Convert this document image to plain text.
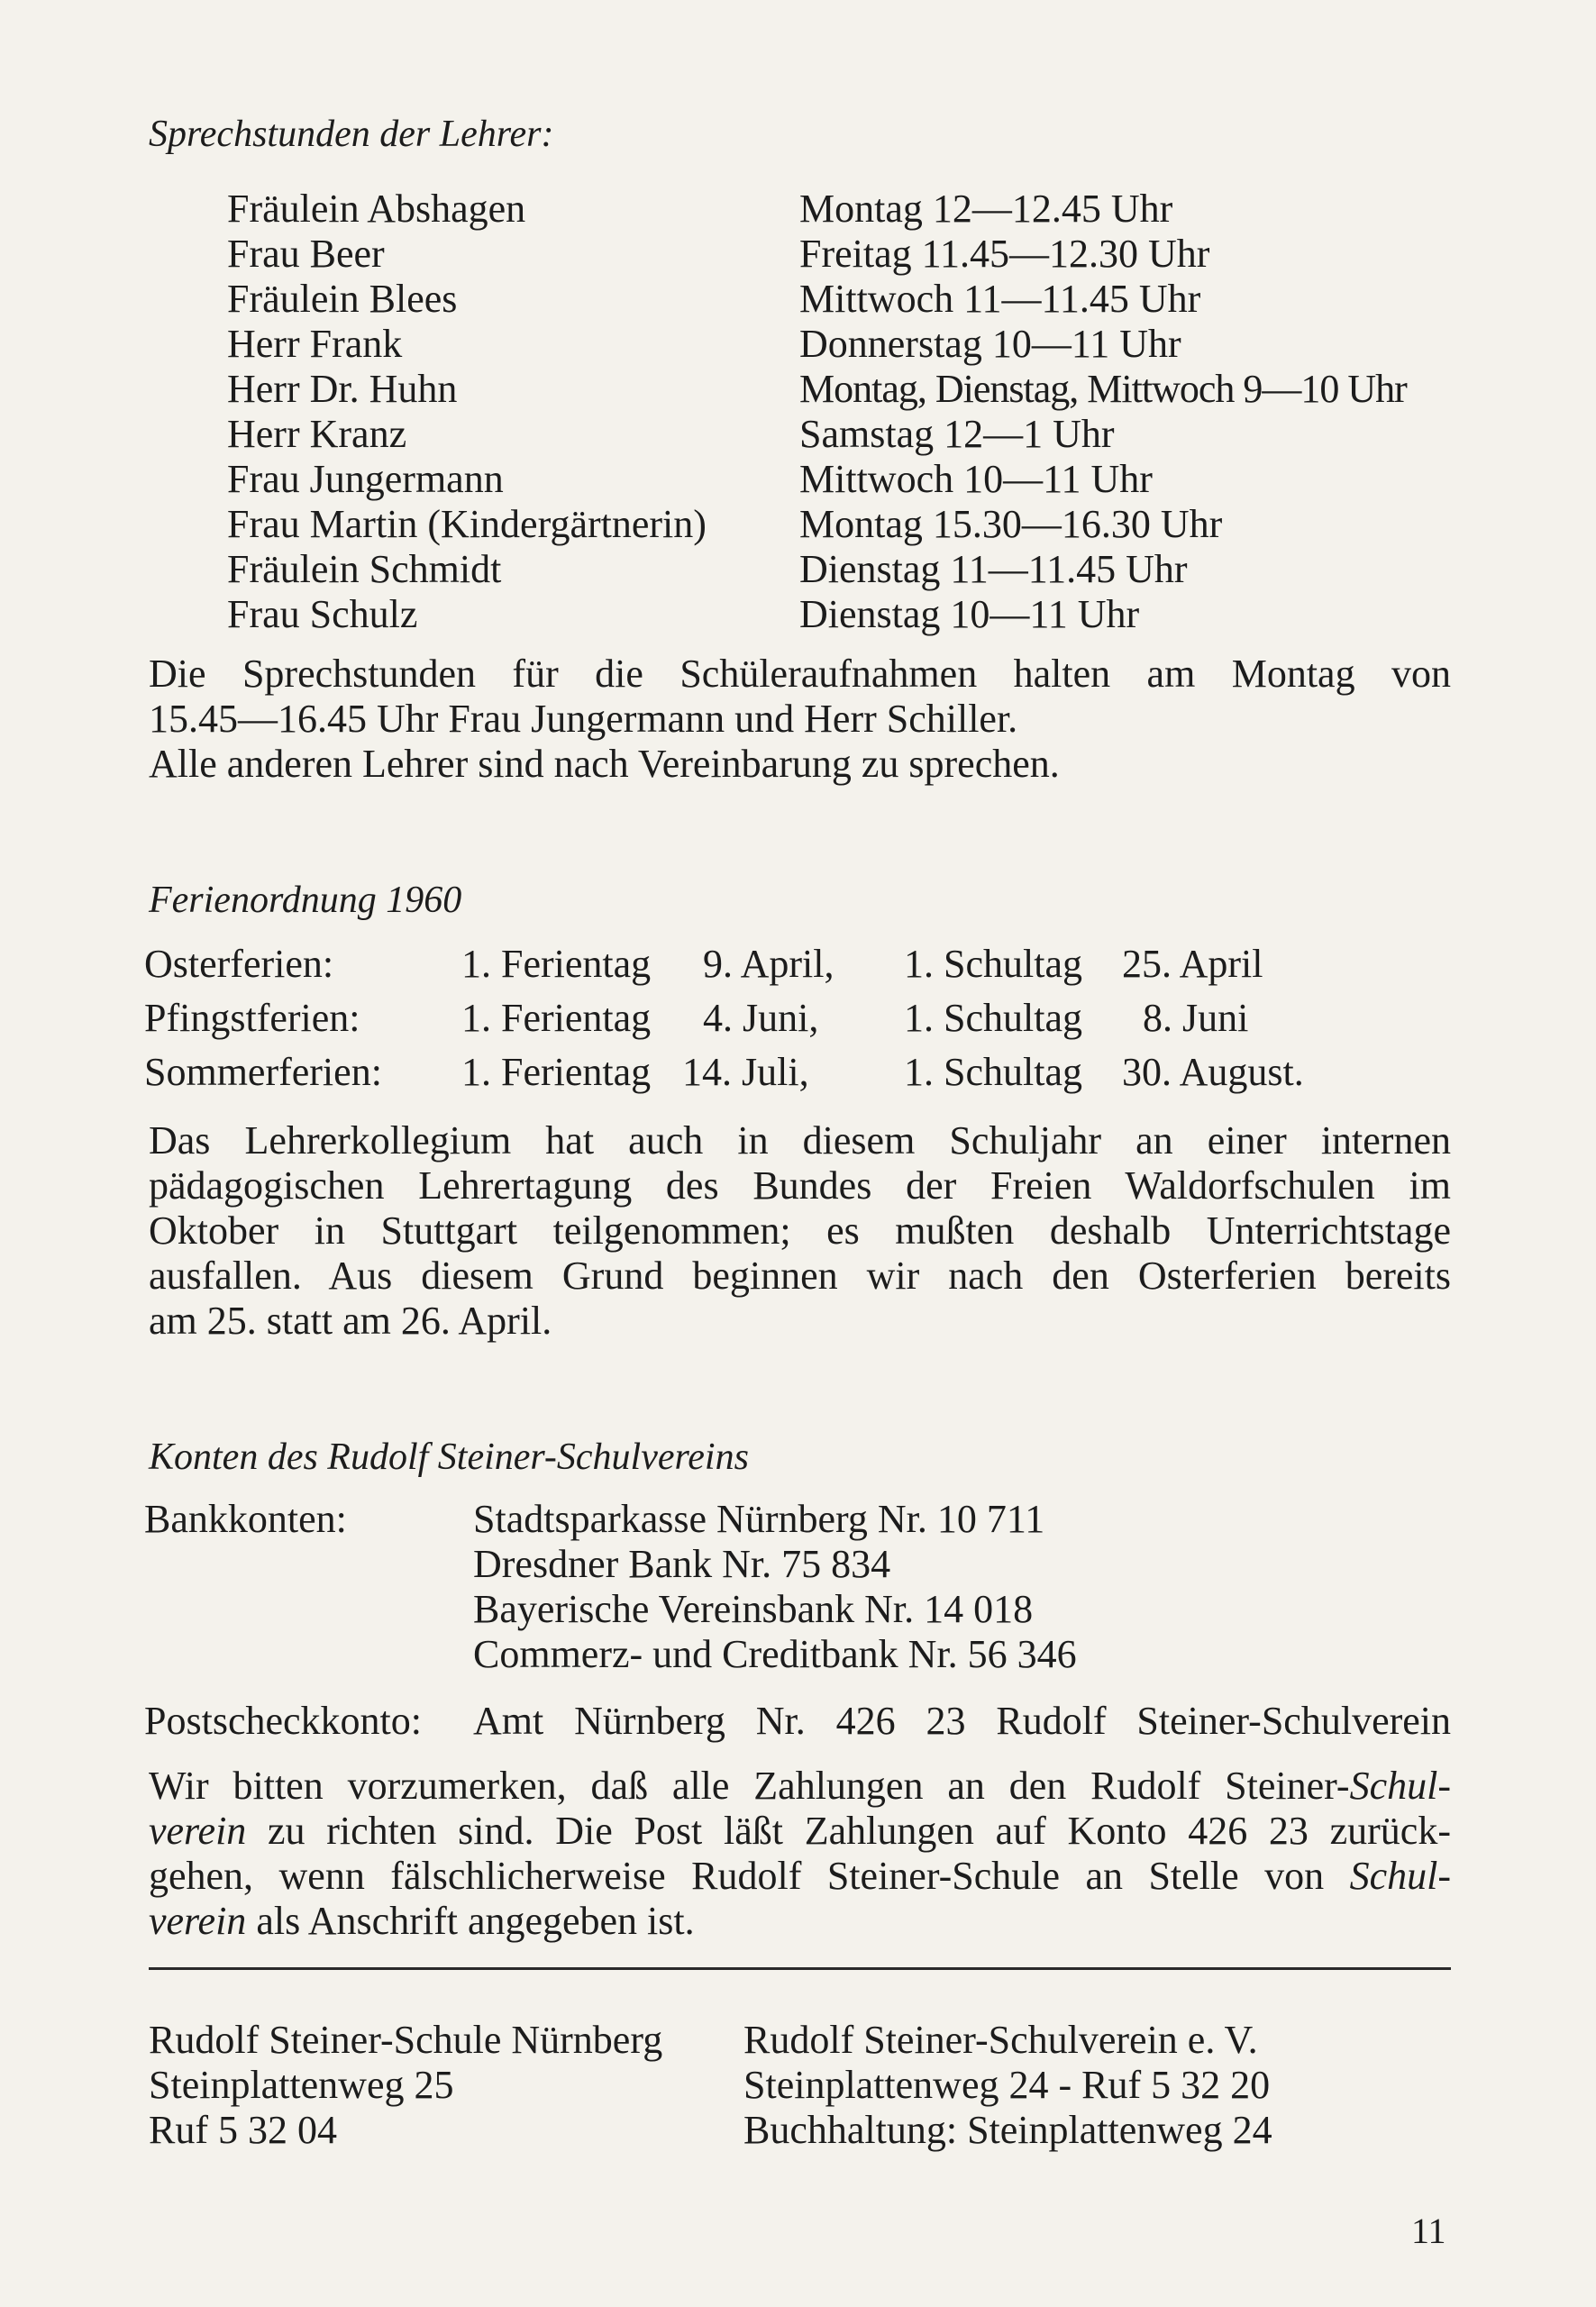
Sprechstunden der Lehrer:
Fräulein Abshagen	Montag 12—12.45 Uhr
Frau Beer	Freitag 11.45—12.30 Uhr
Fräulein Blees	Mittwoch 11—11.45 Uhr
Herr Frank	Donnerstag 10—11 Uhr
Herr Dr. Huhn	Montag, Dienstag, Mittwoch 9—10 Uhr
Herr Kranz	Samstag 12—1 Uhr
Frau Jungermann	Mittwoch 10—11 Uhr
Frau Martin (Kindergärtnerin) Montag 15.30—16.30 Uhr
Fräulein Schmidt	Dienstag 11—11.45 Uhr
Frau Schulz	Dienstag 10—11 Uhr
Die Sprechstunden für die Schüleraufnahmen halten am Montag von
15.45—16.45 Uhr Frau Jungermann und Herr Schiller.
Alle anderen Lehrer sind nach Vereinbarung zu sprechen.
Ferienordnung 1960
Osterferien:	1. Ferientag 9. April, 1. Schultag 25. April
Pfingstferien:	1. Ferientag 4. Juni, 1. Schultag 8. Juni
Sommerferien: 1. Ferientag 14. Juli, 1. Schultag 30. August.
Das Lehrerkollegium hat auch in diesem Schuljahr an einer internen
pädagogischen Lehrertagung des Bundes der Freien Waldorfschulen im
Oktober in Stuttgart teilgenommen; es mußten deshalb Unterrichtstage
ausfallen. Aus diesem Grund beginnen wir nach den Osterferien bereits
am 25. statt am 26. April.
Konten des Rudolf Steiner-Schulvereins
Bankkonten:	Stadtsparkasse Nürnberg Nr. 10 711
Dresdner Bank Nr. 75 834
Bayerische Vereinsbank Nr. 14 018
Commerz- und Creditbank Nr. 56 346
Postscheckkonto: Amt Nürnberg Nr. 426 23 Rudolf Steiner-Schulverein
Wir bitten vorzumerken, daß alle Zahlungen an den Rudolf Steiner-Schul-
verein zu richten sind. Die Post läßt Zahlungen auf Konto 426 23 zurück-
gehen, wenn fälschlicherweise Rudolf Steiner-Schule an Stelle von Schul-
verein als Anschrift angegeben ist.
Rudolf Steiner-Schule Nürnberg
Steinplattenweg 25
Ruf 5 32 04
Rudolf Steiner-Schulverein e. V.
Steinplattenweg 24 - Ruf 5 32 20
Buchhaltung: Steinplattenweg 24
11
